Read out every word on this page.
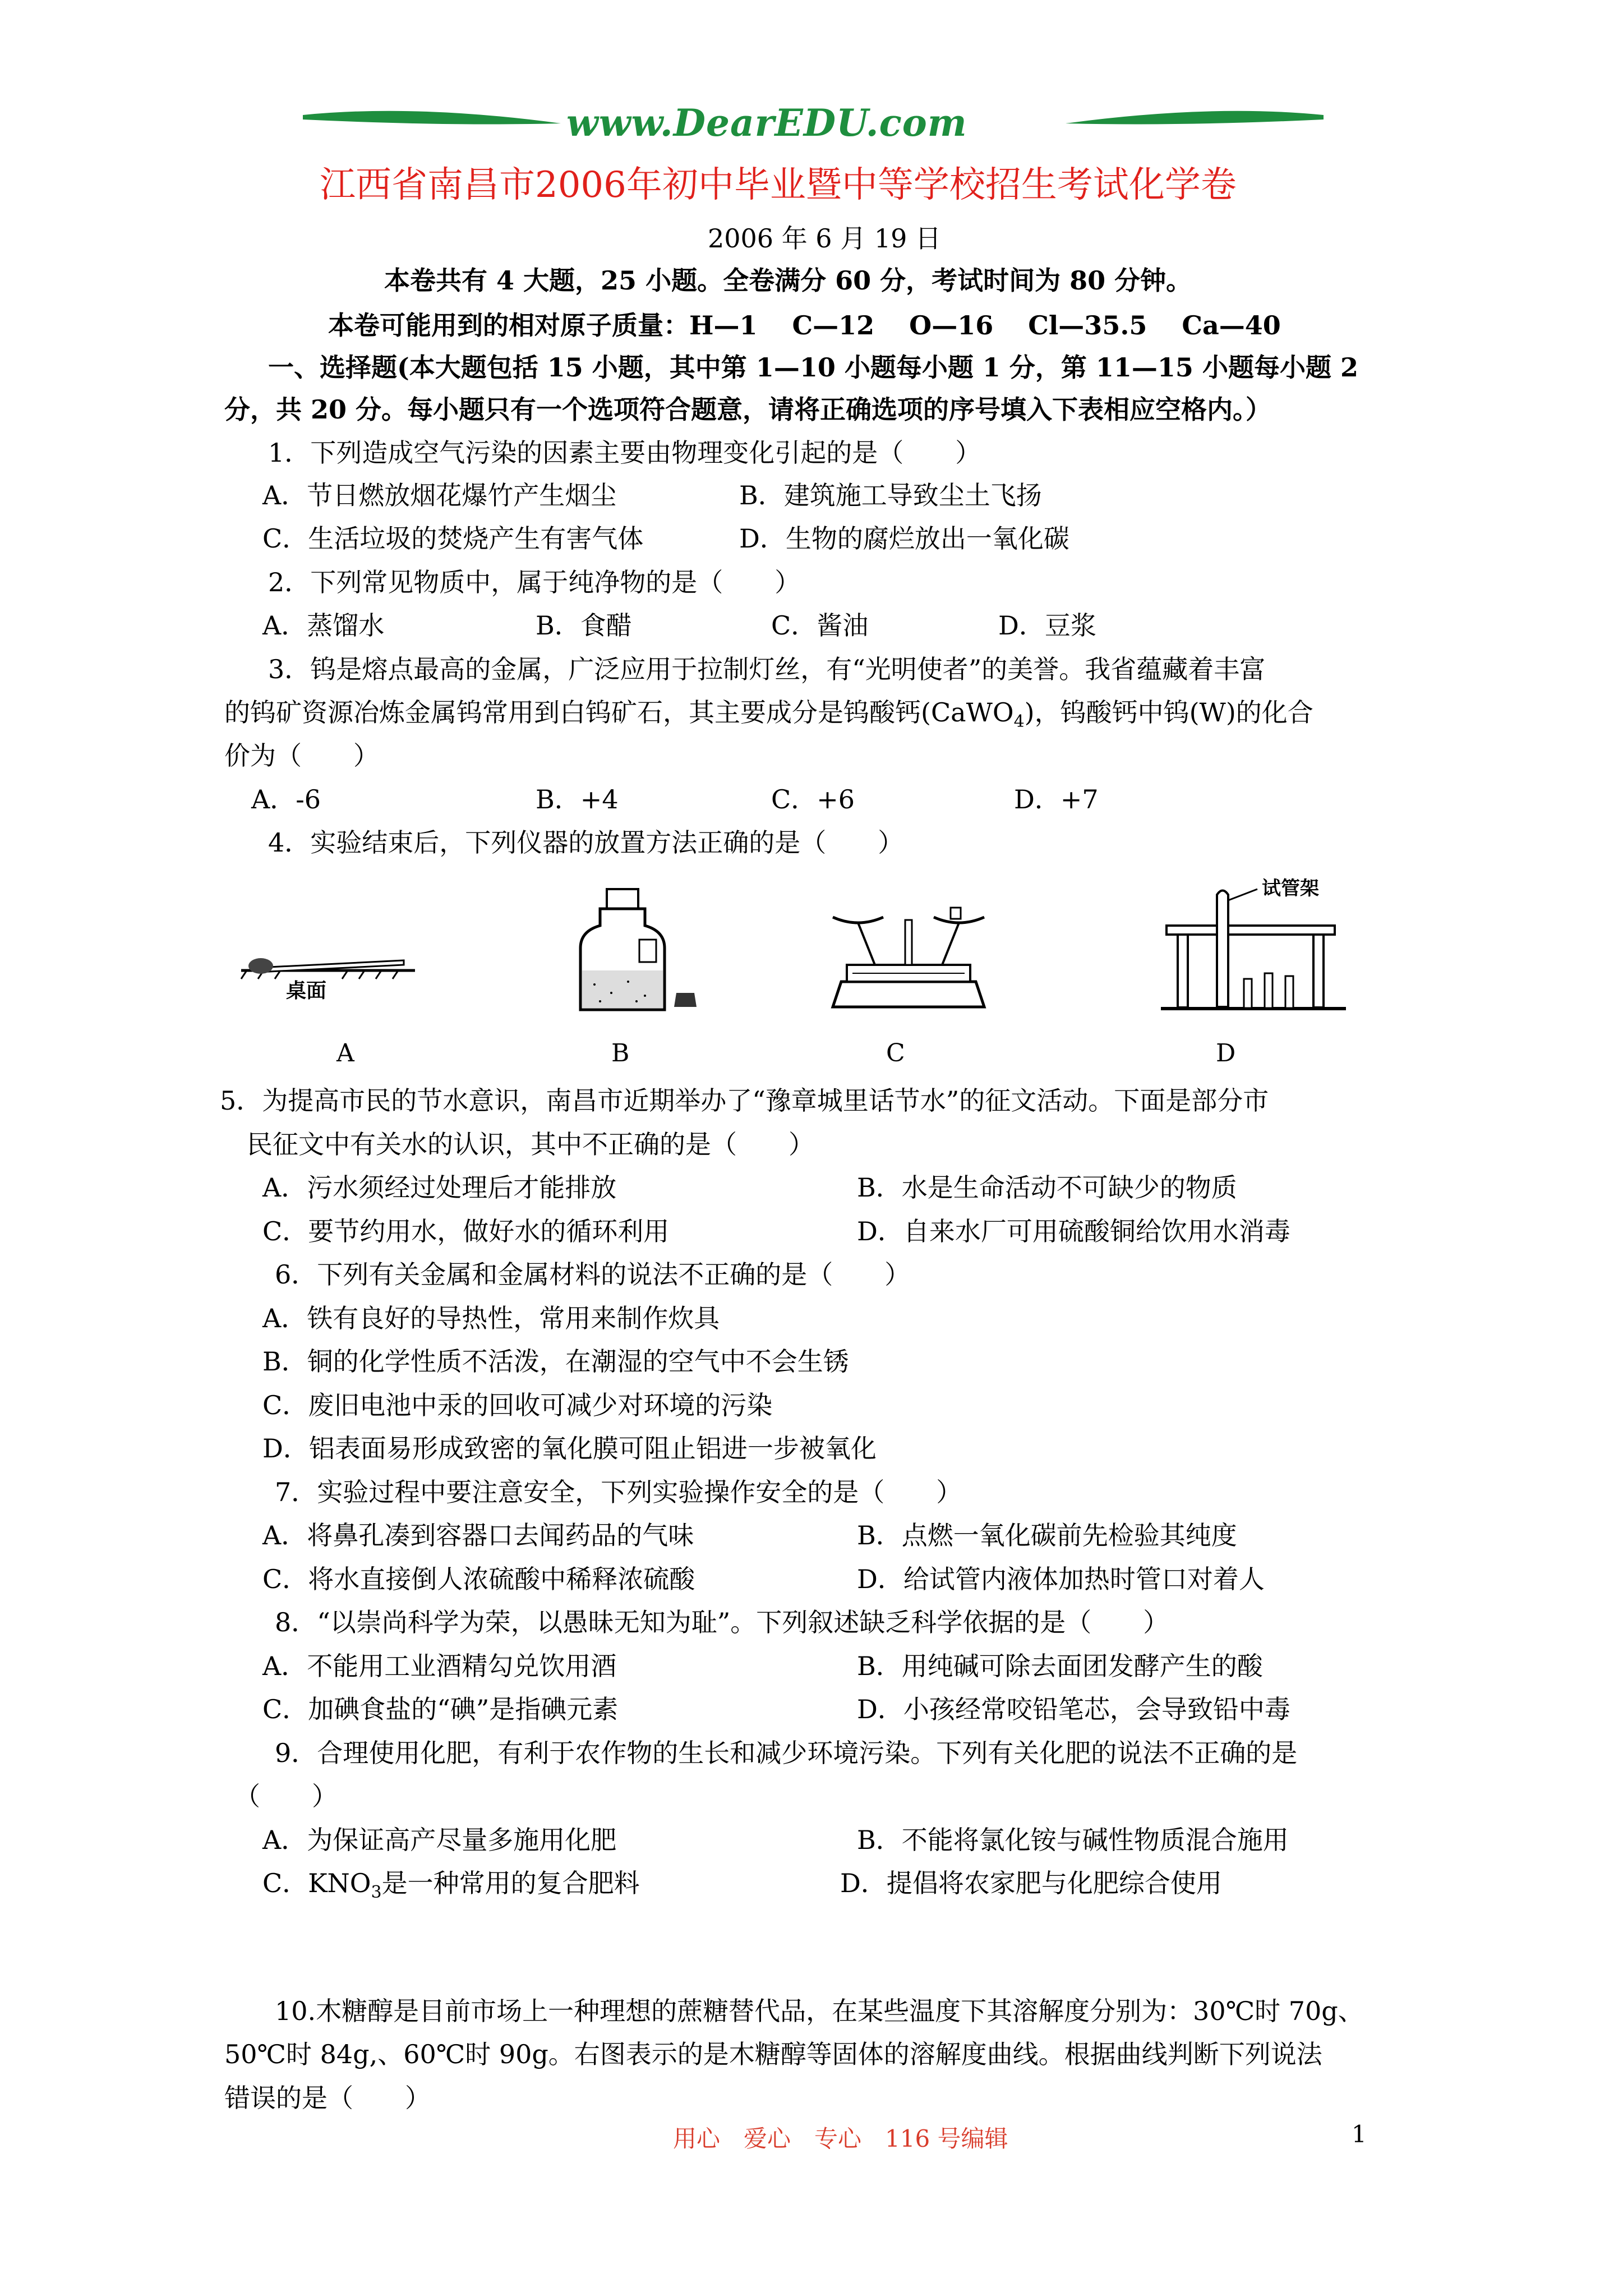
www.DearEDU.com
江西省南昌市2006年初中毕业暨中等学校招生考试化学卷
2006 年 6 月 19 日
本卷共有 4 大题，25 小题。全卷满分 60 分，考试时间为 80 分钟。
本卷可能用到的相对原子质量：H—1　 C—12　 O—16　 Cl—35.5　 Ca—40
一、选择题(本大题包括 15 小题，其中第 1—10 小题每小题 1 分，第 11—15 小题每小题 2
分，共 20 分。每小题只有一个选项符合题意，请将正确选项的序号填入下表相应空格内。）
1．下列造成空气污染的因素主要由物理变化引起的是（　　）
A．节日燃放烟花爆竹产生烟尘	B．建筑施工导致尘土飞扬
C．生活垃圾的焚烧产生有害气体	D．生物的腐烂放出一氧化碳
2．下列常见物质中，属于纯净物的是（　　）
A．蒸馏水	B．食醋	C．酱油	D．豆浆
3．钨是熔点最高的金属，广泛应用于拉制灯丝，有“光明使者”的美誉。我省蕴藏着丰富
的钨矿资源冶炼金属钨常用到白钨矿石，其主要成分是钨酸钙(CaWO$_4$)，钨酸钙中钨(W)的化合
价为（　　）
A．-6	B．+4	C．+6	D．+7
4．实验结束后，下列仪器的放置方法正确的是（　　）
桌面
试管架
A	B	C	D
5．为提高市民的节水意识，南昌市近期举办了“豫章城里话节水”的征文活动。下面是部分市
民征文中有关水的认识，其中不正确的是（　　）
A．污水须经过处理后才能排放	B．水是生命活动不可缺少的物质
C．要节约用水，做好水的循环利用	D．自来水厂可用硫酸铜给饮用水消毒
6．下列有关金属和金属材料的说法不正确的是（　　）
A．铁有良好的导热性，常用来制作炊具
B．铜的化学性质不活泼，在潮湿的空气中不会生锈
C．废旧电池中汞的回收可减少对环境的污染
D．铝表面易形成致密的氧化膜可阻止铝进一步被氧化
7．实验过程中要注意安全，下列实验操作安全的是（　　）
A．将鼻孔凑到容器口去闻药品的气味	B．点燃一氧化碳前先检验其纯度
C．将水直接倒人浓硫酸中稀释浓硫酸	D．给试管内液体加热时管口对着人
8．“以崇尚科学为荣，以愚昧无知为耻”。下列叙述缺乏科学依据的是（　　）
A．不能用工业酒精勾兑饮用酒	B．用纯碱可除去面团发酵产生的酸
C．加碘食盐的“碘”是指碘元素	D．小孩经常咬铅笔芯，会导致铅中毒
9．合理使用化肥，有利于农作物的生长和减少环境污染。下列有关化肥的说法不正确的是
（　　）
A．为保证高产尽量多施用化肥	B．不能将氯化铵与碱性物质混合施用
C．$KNO_3$是一种常用的复合肥料	D．提倡将农家肥与化肥综合使用
10.木糖醇是目前市场上一种理想的蔗糖替代品，在某些温度下其溶解度分别为：30℃时 70g、
50℃时 84g,、60℃时 90g。右图表示的是木糖醇等固体的溶解度曲线。根据曲线判断下列说法
错误的是（　　）
用心　爱心　专心　116 号编辑	1
